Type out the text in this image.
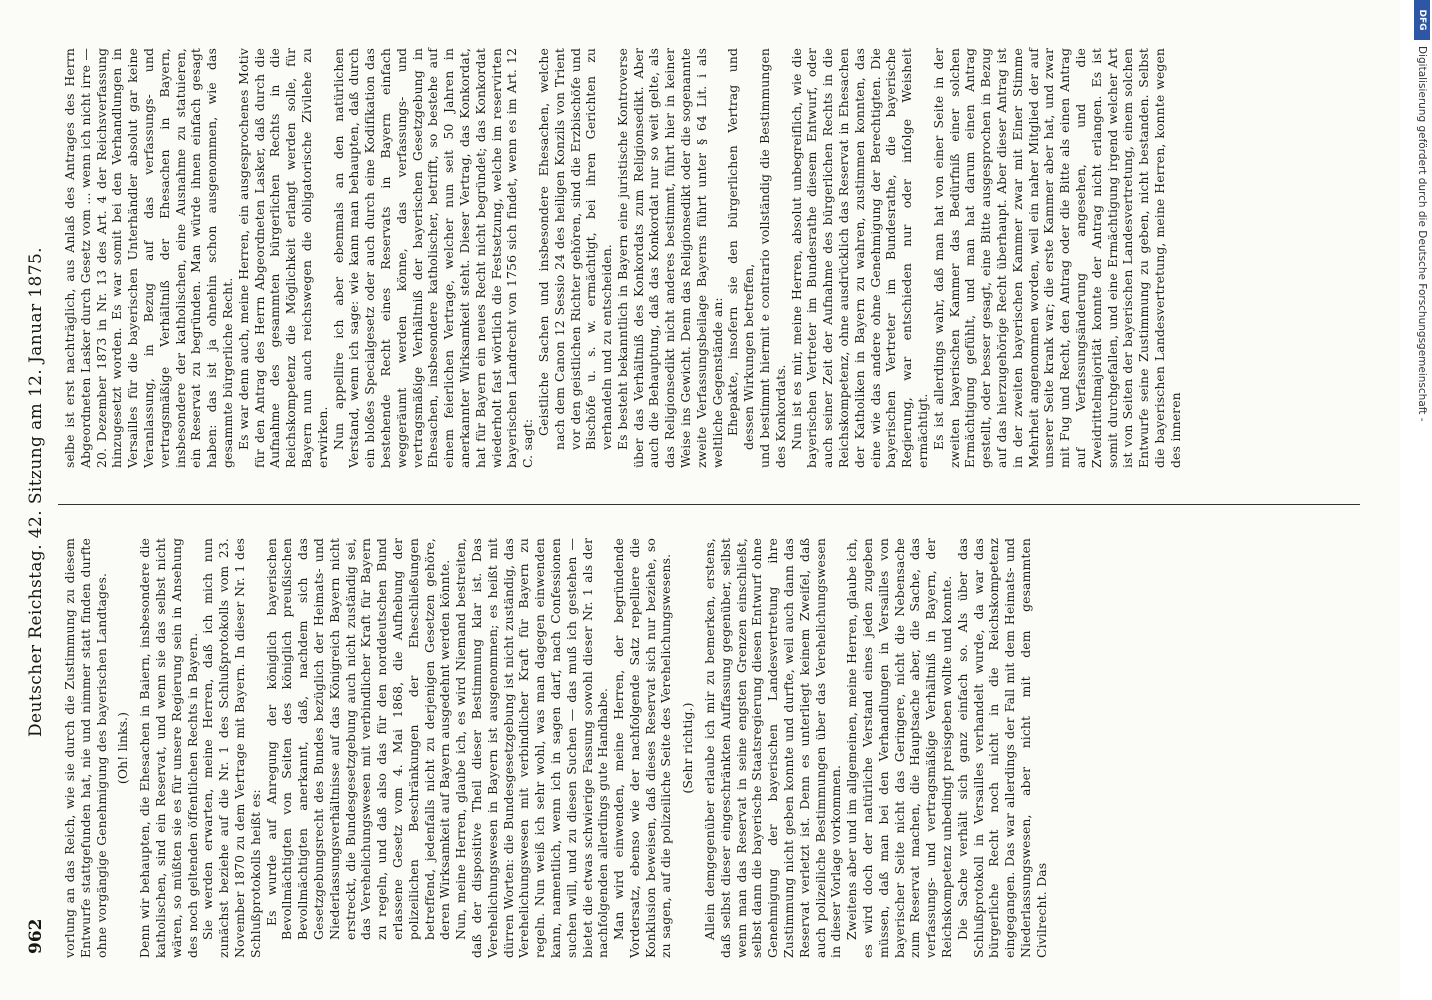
962
Deutscher Reichstag. 42. Sitzung am 12. Januar 1875.

vorlung an das Reich, wie sie durch die Zustimmung zu diesem Entwurfe stattgefunden hat, nie und nimmer statt finden durfte ohne vorgängige Genehmigung des bayerischen Landtages. (Oh! links.) Denn wir behaupten, die Ehesachen in Baiern, insbesondere die katholischen, sind ein Reservat, und wenn sie das selbst nicht wären, so müßten sie es für unsere Regierung sein in Ansehung des noch geltenden öffentlichen Rechts in Bayern. Sie werden erwarten, meine Herren, daß ich mich nun zunächst beziehe auf die Nr. 1 des Schlußprotokolls vom 23. November 1870 zu dem Vertrage mit Bayern. In dieser Nr. 1 des Schlußprotokolls heißt es: Es wurde auf Anregung der königlich bayerischen Bevollmächtigten von Seiten des königlich preußischen Bevollmächtigten anerkannt, daß, nachdem sich das Gesetzgebungsrecht des Bundes bezüglich der Heimats- und Niederlassungsverhältnisse auf das Königreich Bayern nicht erstreckt, die Bundesgesetzgebung auch nicht zuständig sei, das Verehelichungswesen mit verbindlicher Kraft für Bayern zu regeln, und daß also das für den norddeutschen Bund erlassene Gesetz vom 4. Mai 1868, die Aufhebung der polizeilichen Beschränkungen der Eheschließungen betreffend, jedenfalls nicht zu derjenigen Gesetzen gehöre, deren Wirksamkeit auf Bayern ausgedehnt werden könnte. Nun, meine Herren, glaube ich, es wird Niemand bestreiten, daß der dispositive Theil dieser Bestimmung klar ist. Das Verehelichungswesen in Bayern ist ausgenommen; es heißt mit dürren Worten: die Bundesgesetzgebung ist nicht zuständig, das Verehelichungswesen mit verbindlicher Kraft für Bayern zu regeln. Nun weiß ich sehr wohl, was man dagegen einwenden kann, namentlich, wenn ich in sagen darf, nach Confessionen suchen will, und zu diesen Suchen — das muß ich gestehen — bietet die etwas schwierige Fassung sowohl dieser Nr. 1 als der nachfolgenden allerdings gute Handhabe. Man wird einwenden, meine Herren, der begründende Vordersatz, ebenso wie der nachfolgende Satz repelliere die Konklusion beweisen, daß dieses Reservat sich nur beziehe, so zu sagen, auf die polizeiliche Seite des Verehelichungswesens. (Sehr richtig.) Allein demgegenüber erlaube ich mir zu bemerken, erstens, daß selbst dieser eingeschränkten Auffassung gegenüber, selbst wenn man das Reservat in seine engsten Grenzen einschließt, selbst dann die bayerische Staatsregierung diesen Entwurf ohne Genehmigung der bayerischen Landesvertretung ihre Zustimmung nicht geben konnte und durfte, weil auch dann das Reservat verletzt ist. Denn es unterliegt keinem Zweifel, daß auch polizeiliche Bestimmungen über das Verehelichungswesen in dieser Vorlage vorkommen. Zweitens aber und im allgemeinen, meine Herren, glaube ich, es wird doch der natürliche Verstand eines jeden zugeben müssen, daß man bei den Verhandlungen in Versailles von bayerischer Seite nicht das Geringere, nicht die Nebensache zum Reservat machen, die Hauptsache aber, die Sache, das verfassungs- und vertragsmäßige Verhältniß in Bayern, der Reichskompetenz unbedingt preisgeben wollte und konnte. Die Sache verhält sich ganz einfach so. Als über das Schlußprotokoll in Versailles verhandelt wurde, da war das bürgerliche Recht noch nicht in die Reichskompetenz eingegangen. Das war allerdings der Fall mit dem Heimats- und Niederlassungswesen, aber nicht mit dem gesammten Civilrecht. Das

selbe ist erst nachträglich, aus Anlaß des Antrages des Herrn Abgeordneten Lasker durch Gesetz vom ... wenn ich nicht irre — 20. Dezember 1873 in Nr. 13 des Art. 4 der Reichsverfassung hinzugesetzt worden. Es war somit bei den Verhandlungen in Versailles für die bayerischen Unterhändler absolut gar keine Veranlassung, in Bezug auf das verfassungs- und vertragsmäßige Verhältniß der Ehesachen in Bayern, insbesondere der katholischen, eine Ausnahme zu statuieren, ein Reservat zu begründen. Man würde ihnen einfach gesagt haben: das ist ja ohnehin schon ausgenommen, wie das gesammte bürgerliche Recht. Es war denn auch, meine Herren, ein ausgesprochenes Motiv für den Antrag des Herrn Abgeordneten Lasker, daß durch die Aufnahme des gesammten bürgerlichen Rechts in die Reichskompetenz die Möglichkeit erlangt werden solle, für Bayern nun auch reichswegen die obligatorische Zivilehe zu erwirken. Nun appellire ich aber ebenmals an den natürlichen Verstand, wenn ich sage: wie kann man behaupten, daß durch ein bloßes Specialgesetz oder auch durch eine Kodifikation das bestehende Recht eines Reservats in Bayern einfach weggeräumt werden könne, das verfassungs- und vertragsmäßige Verhältniß der bayerischen Gesetzgebung in Ehesachen, insbesondere katholischer, betrifft, so bestehe auf einem feierlichen Vertrage, welcher nun seit 50 Jahren in anerkannter Wirksamkeit steht. Dieser Vertrag, das Konkordat, hat für Bayern ein neues Recht nicht begründet; das Konkordat wiederholt fast wörtlich die Festsetzung, welche im reservirten bayerischen Landrecht von 1756 sich findet, wenn es im Art. 12 C. sagt:

Geistliche Sachen und insbesondere Ehesachen, welche nach dem Canon 12 Sessio 24 des heiligen Konzils von Trient vor den geistlichen Richter gehören, sind die Erzbischöfe und Bischöfe u. s. w. ermächtigt, bei ihren Gerichten zu verhandeln und zu entscheiden. Es besteht bekanntlich in Bayern eine juristische Kontroverse über das Verhältniß des Konkordats zum Religionsedikt. Aber auch die Behauptung, daß das Konkordat nur so weit gelte, als das Religionsedikt nicht anderes bestimmt, führt hier in keiner Weise ins Gewicht. Denn das Religionsedikt oder die sogenannte zweite Verfassungsbeilage Bayerns führt unter § 64 Lit. i als weltliche Gegenstände an: Ehepakte, insofern sie den bürgerlichen Vertrag und dessen Wirkungen betreffen, und bestimmt hiermit e contrario vollständig die Bestimmungen des Konkordats. Nun ist es mir, meine Herren, absolut unbegreiflich, wie die bayerischen Vertreter im Bundesrathe diesem Entwurf, oder auch seiner Zeit der Aufnahme des bürgerlichen Rechts in die Reichskompetenz, ohne ausdrücklich das Reservat in Ehesachen der Katholiken in Bayern zu wahren, zustimmen konnten, das eine wie das andere ohne Genehmigung der Berechtigten. Die bayerischen Vertreter im Bundesrathe, die bayerische Regierung, war entschieden nur oder infolge Weisheit ermächtigt. Es ist allerdings wahr, daß man hat von einer Seite in der zweiten bayerischen Kammer das Bedürfniß einer solchen Ermächtigung gefühlt, und man hat darum einen Antrag gestellt, oder besser gesagt, eine Bitte ausgesprochen in Bezug auf das hierzugehörige Recht überhaupt. Aber dieser Antrag ist in der zweiten bayerischen Kammer zwar mit Einer Stimme Mehrheit angenommen worden, weil ein naher Mitglied der auf unserer Seite krank war; die erste Kammer aber hat, und zwar mit Fug und Recht, den Antrag oder die Bitte als einen Antrag auf Verfassungsänderung angesehen, und die Zweidrittelmajorität konnte der Antrag nicht erlangen. Es ist somit durchgefallen, und eine Ermächtigung irgend welcher Art ist von Seiten der bayerischen Landesvertretung, einem solchen Entwurfe seine Zustimmung zu geben, nicht bestanden. Selbst die bayerischen Landesvertretung, meine Herren, konnte wegen des inneren

DFG
Digitalisierung gefördert durch die Deutsche Forschungsgemeinschaft -
